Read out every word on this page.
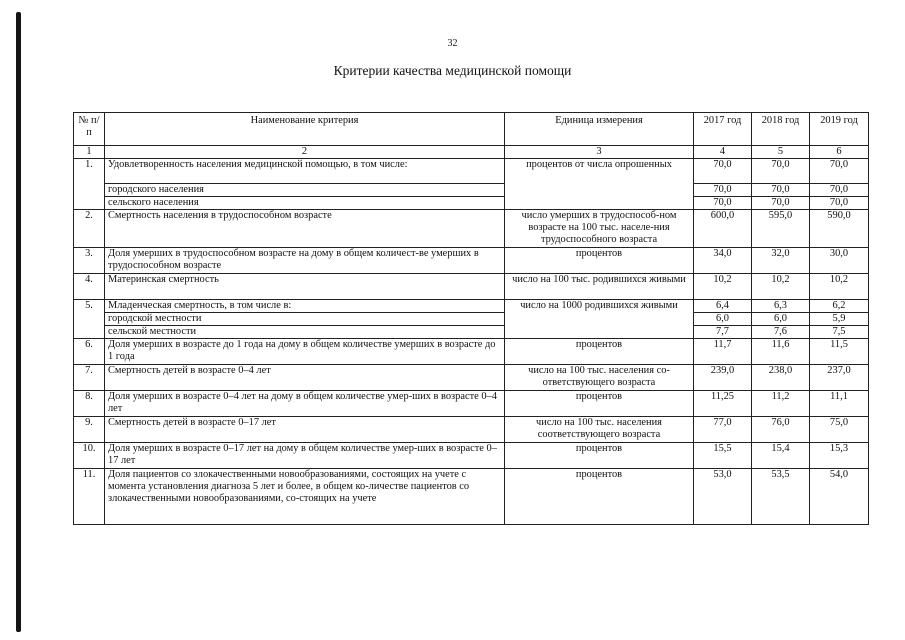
32
Критерии качества медицинской помощи
№ п/п	Наименование критерия	Единица измерения	2017 год	2018 год	2019 год
1	2	3	4	5	6
1.	Удовлетворенность населения медицинской помощью, в том числе:	процентов от числа опрошенных	70,0	70,0	70,0
	городского населения		70,0	70,0	70,0
	сельского населения		70,0	70,0	70,0
2.	Смертность населения в трудоспособном возрасте	число умерших в трудоспособ-ном возрасте на 100 тыс. населе-ния трудоспособного возраста	600,0	595,0	590,0
3.	Доля умерших в трудоспособном возрасте на дому в общем количест-ве умерших в трудоспособном возрасте	процентов	34,0	32,0	30,0
4.	Материнская смертность	число на 100 тыс. родившихся живыми	10,2	10,2	10,2
5.	Младенческая смертность, в том числе в:	число на 1000 родившихся живыми	6,4	6,3	6,2
	городской местности		6,0	6,0	5,9
	сельской местности		7,7	7,6	7,5
6.	Доля умерших в возрасте до 1 года на дому в общем количестве умерших в возрасте до 1 года	процентов	11,7	11,6	11,5
7.	Смертность детей в возрасте 0–4 лет	число на 100 тыс. населения со-ответствующего возраста	239,0	238,0	237,0
8.	Доля умерших в возрасте 0–4 лет на дому в общем количестве умер-ших в возрасте 0–4 лет	процентов	11,25	11,2	11,1
9.	Смертность детей в возрасте 0–17 лет	число на 100 тыс. населения соответствующего возраста	77,0	76,0	75,0
10.	Доля умерших в возрасте 0–17 лет на дому в общем количестве умер-ших в возрасте 0–17 лет	процентов	15,5	15,4	15,3
11.	Доля пациентов со злокачественными новообразованиями, состоящих на учете с момента установления диагноза 5 лет и более, в общем ко-личестве пациентов со злокачественными новообразованиями, со-стоящих на учете	процентов	53,0	53,5	54,0
